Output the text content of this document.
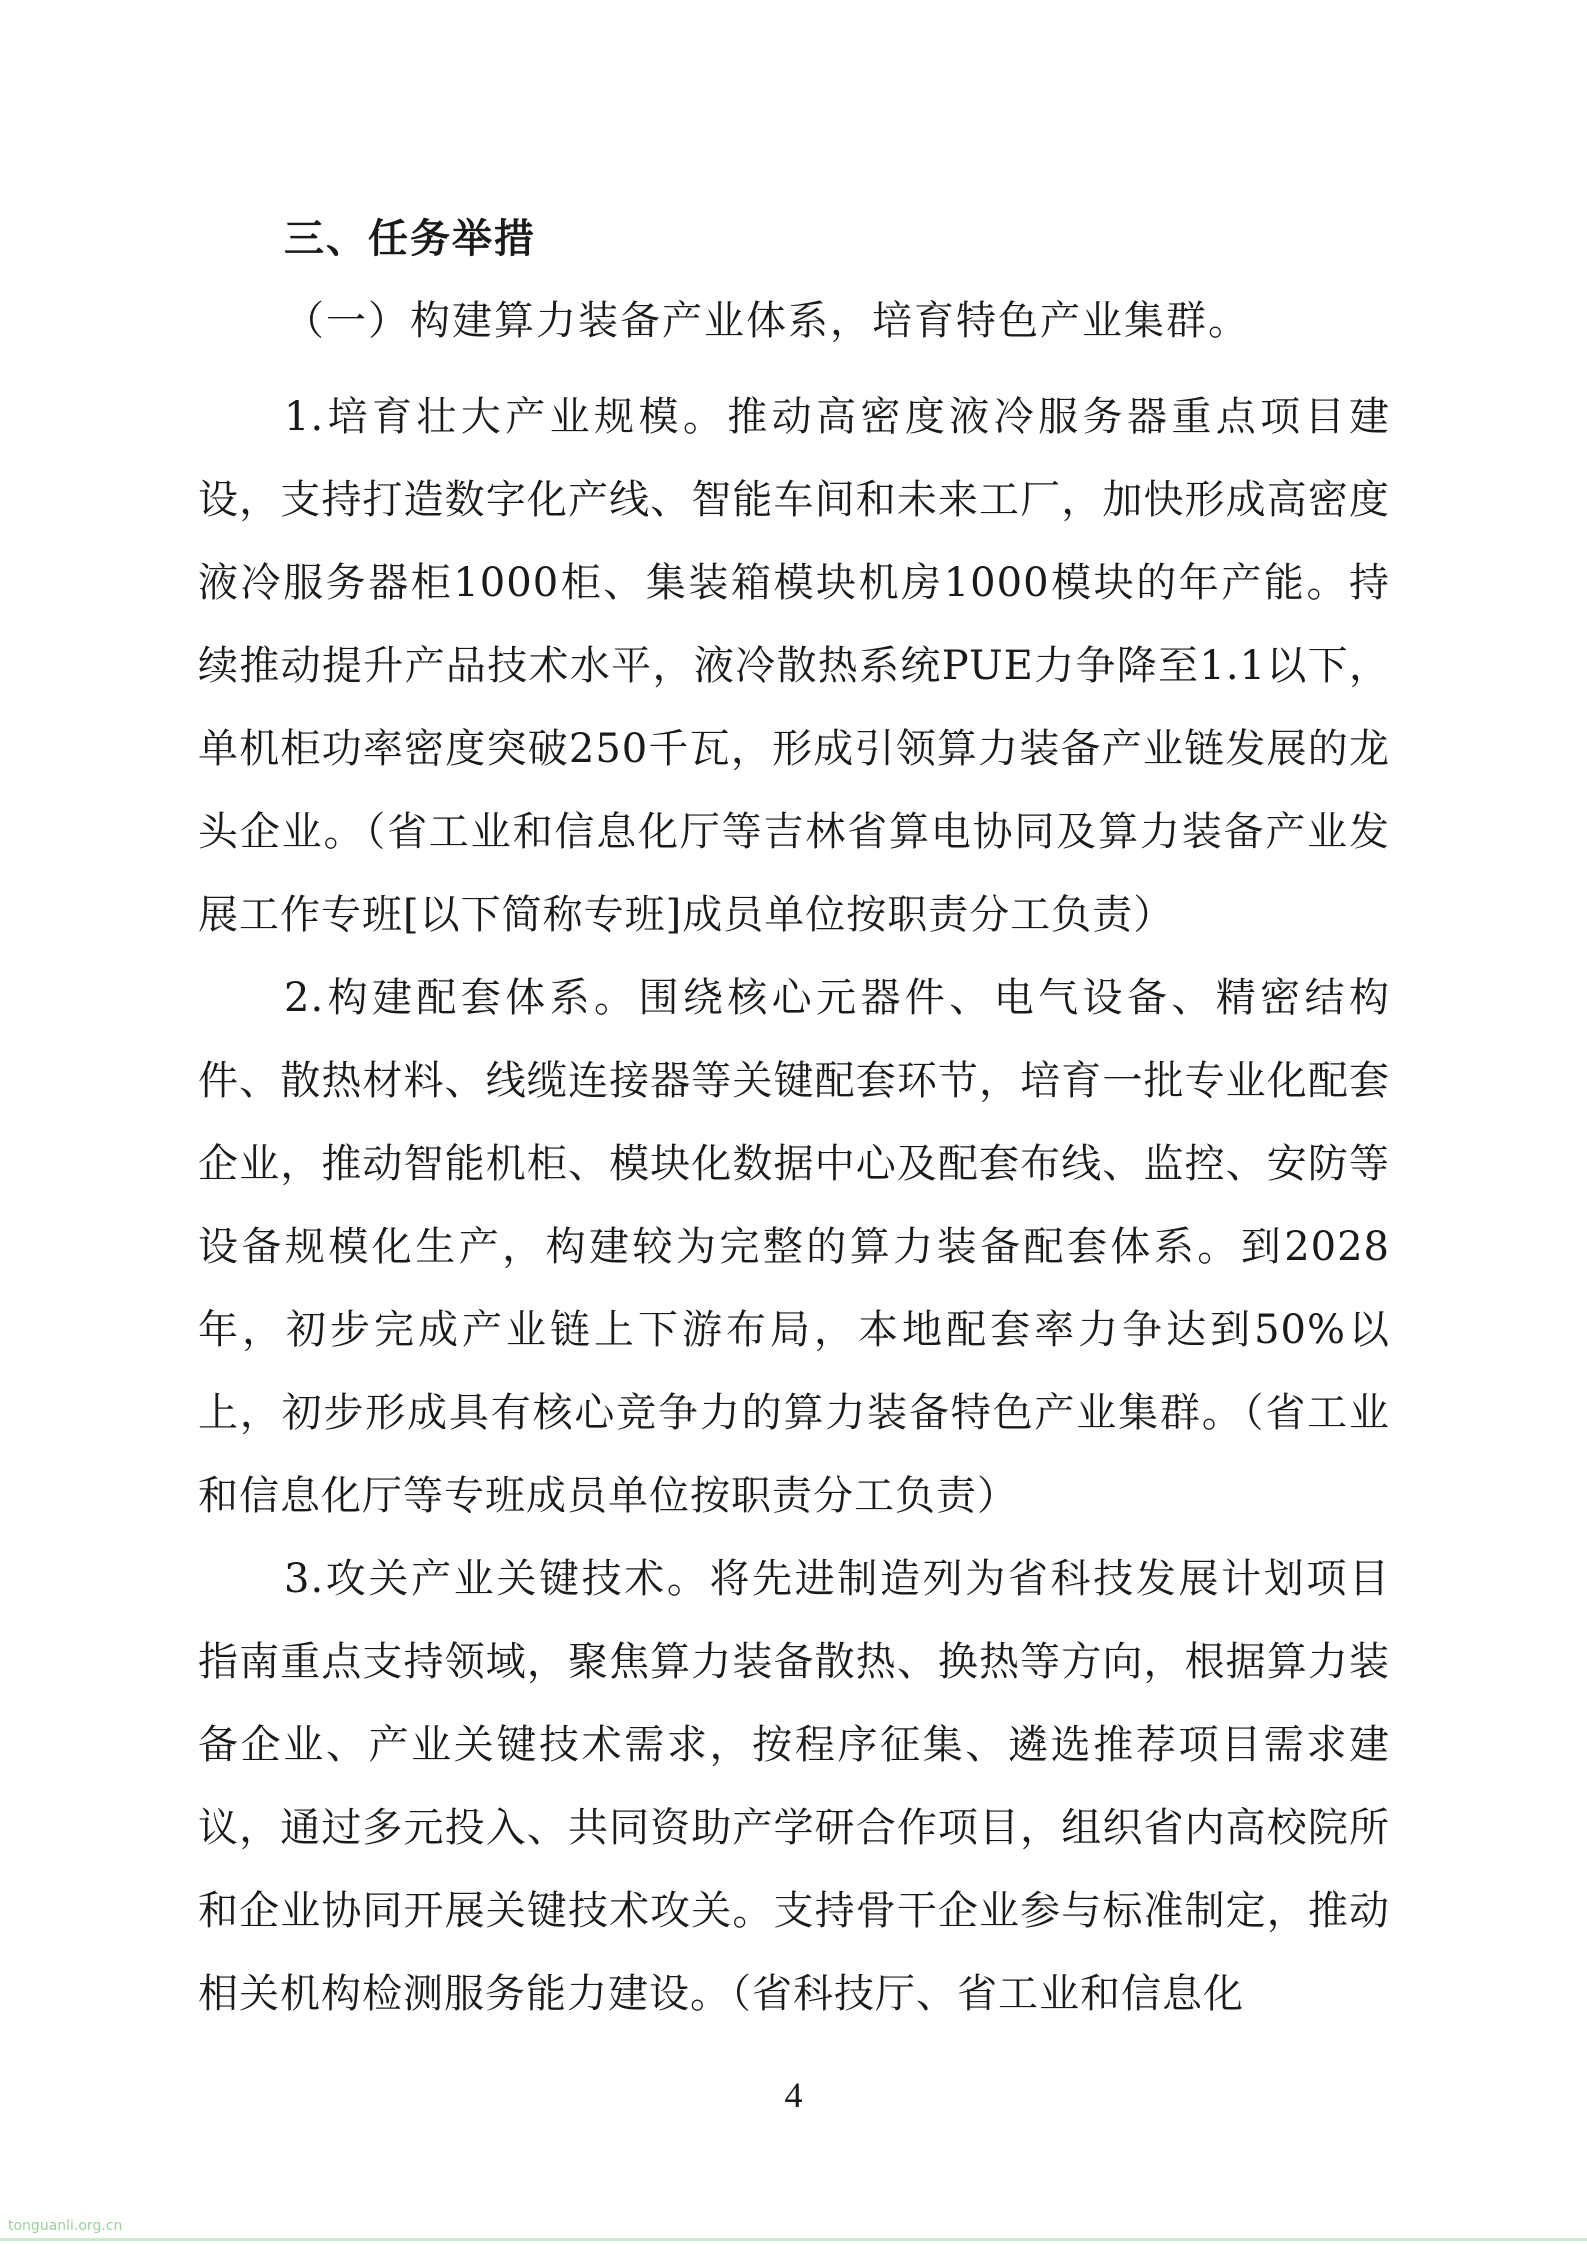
三、任务举措
（一）构建算力装备产业体系，培育特色产业集群。

1.培育壮大产业规模。推动高密度液冷服务器重点项目建设，支持打造数字化产线、智能车间和未来工厂，加快形成高密度液冷服务器柜1000柜、集装箱模块机房1000模块的年产能。持续推动提升产品技术水平，液冷散热系统PUE力争降至1.1以下，单机柜功率密度突破250千瓦，形成引领算力装备产业链发展的龙头企业。（省工业和信息化厅等吉林省算电协同及算力装备产业发展工作专班[以下简称专班]成员单位按职责分工负责）

2.构建配套体系。围绕核心元器件、电气设备、精密结构件、散热材料、线缆连接器等关键配套环节，培育一批专业化配套企业，推动智能机柜、模块化数据中心及配套布线、监控、安防等设备规模化生产，构建较为完整的算力装备配套体系。到2028年，初步完成产业链上下游布局，本地配套率力争达到50%以上，初步形成具有核心竞争力的算力装备特色产业集群。（省工业和信息化厅等专班成员单位按职责分工负责）

3.攻关产业关键技术。将先进制造列为省科技发展计划项目指南重点支持领域，聚焦算力装备散热、换热等方向，根据算力装备企业、产业关键技术需求，按程序征集、遴选推荐项目需求建议，通过多元投入、共同资助产学研合作项目，组织省内高校院所和企业协同开展关键技术攻关。支持骨干企业参与标准制定，推动相关机构检测服务能力建设。（省科技厅、省工业和信息化

4
tonguanli.org.cn
